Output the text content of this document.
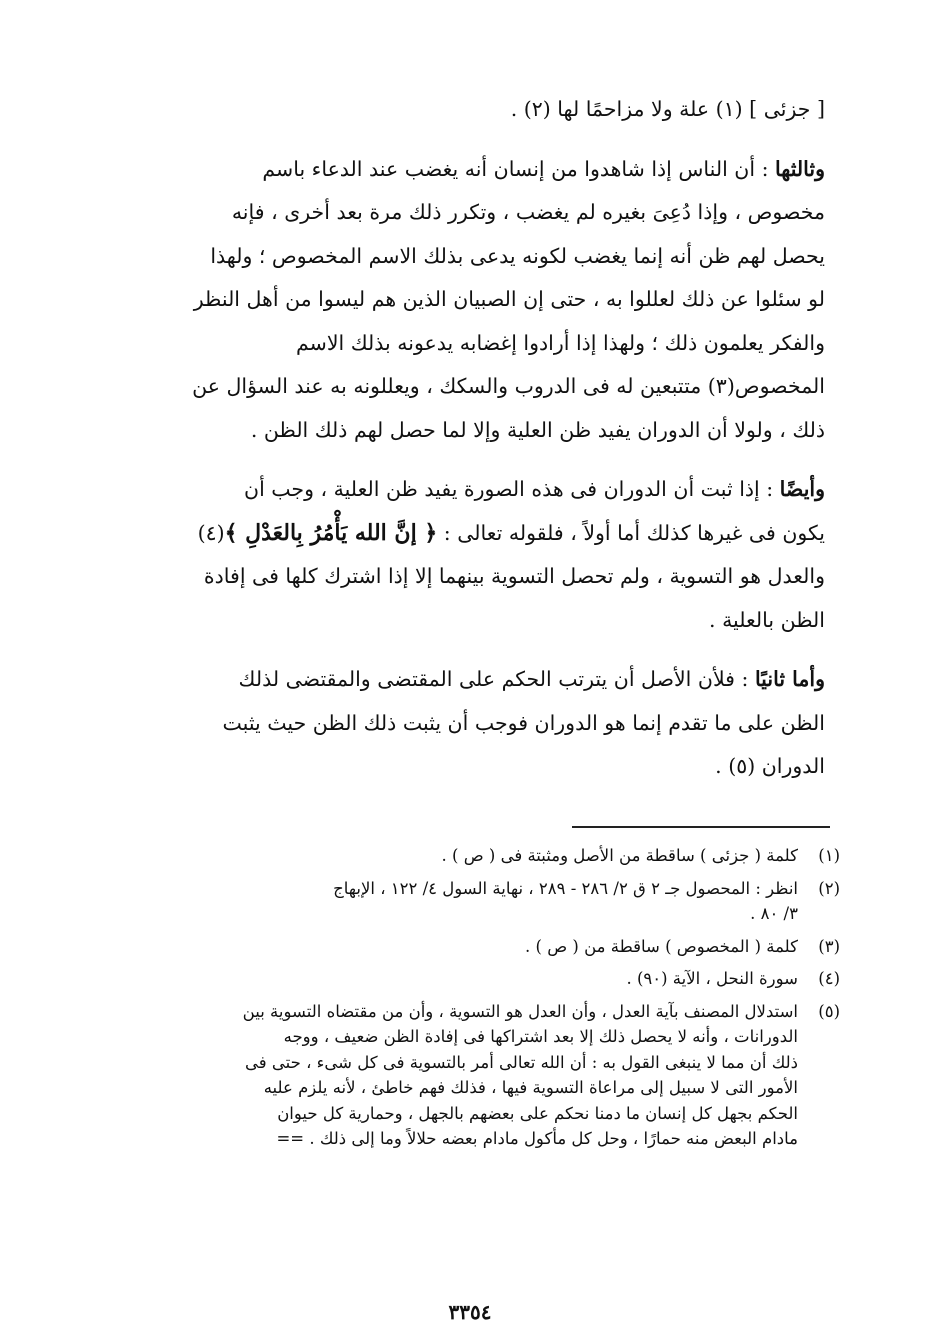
[ جزئى ] (١) علة ولا مزاحمًا لها (٢) .

وثالثها : أن الناس إذا شاهدوا من إنسان أنه يغضب عند الدعاء باسم

مخصوص ، وإذا دُعِىَ بغيره لم يغضب ، وتكرر ذلك مرة بعد أخرى ، فإنه

يحصل لهم ظن أنه إنما يغضب لكونه يدعى بذلك الاسم المخصوص ؛ ولهذا

لو سئلوا عن ذلك لعللوا به ، حتى إن الصبيان الذين هم ليسوا من أهل النظر

والفكر يعلمون ذلك ؛ ولهذا إذا أرادوا إغضابه يدعونه بذلك الاسم

المخصوص(٣) متتبعين له فى الدروب والسكك ، ويعللونه به عند السؤال عن

ذلك ، ولولا أن الدوران يفيد ظن العلية وإلا لما حصل لهم ذلك الظن .

وأيضًا : إذا ثبت أن الدوران فى هذه الصورة يفيد ظن العلية ، وجب أن

يكون فى غيرها كذلك أما أولاً ، فلقوله تعالى : ﴿ إنَّ الله يَأْمُرُ بِالعَدْلِ ﴾(٤)

والعدل هو التسوية ، ولم تحصل التسوية بينهما إلا إذا اشترك كلها فى إفادة

الظن بالعلية .

وأما ثانيًا : فلأن الأصل أن يترتب الحكم على المقتضى والمقتضى لذلك

الظن على ما تقدم إنما هو الدوران فوجب أن يثبت ذلك الظن حيث يثبت

الدوران (٥) .

(١)
كلمة ( جزئى ) ساقطة من الأصل ومثبتة فى ( ص ) .
(٢)
انظر : المحصول جـ ٢ ق ٢/ ٢٨٦ - ٢٨٩ ، نهاية السول ٤/ ١٢٢ ، الإبهاج
٣/ ٨٠ .
(٣)
كلمة ( المخصوص ) ساقطة من ( ص ) .
(٤)
سورة النحل ، الآية (٩٠) .
(٥)
استدلال المصنف بآية العدل ، وأن العدل هو التسوية ، وأن من مقتضاه التسوية بين
الدورانات ، وأنه لا يحصل ذلك إلا بعد اشتراكها فى إفادة الظن ضعيف ، ووجه
ذلك أن مما لا ينبغى القول به : أن الله تعالى أمر بالتسوية فى كل شىء ، حتى فى
الأمور التى لا سبيل إلى مراعاة التسوية فيها ، فذلك فهم خاطئ ، لأنه يلزم عليه
الحكم بجهل كل إنسان ما دمنا نحكم على بعضهم بالجهل ، وحمارية كل حيوان
مادام البعض منه حمارًا ، وحل كل مأكول مادام بعضه حلالاً وما إلى ذلك . ==
٣٣٥٤
